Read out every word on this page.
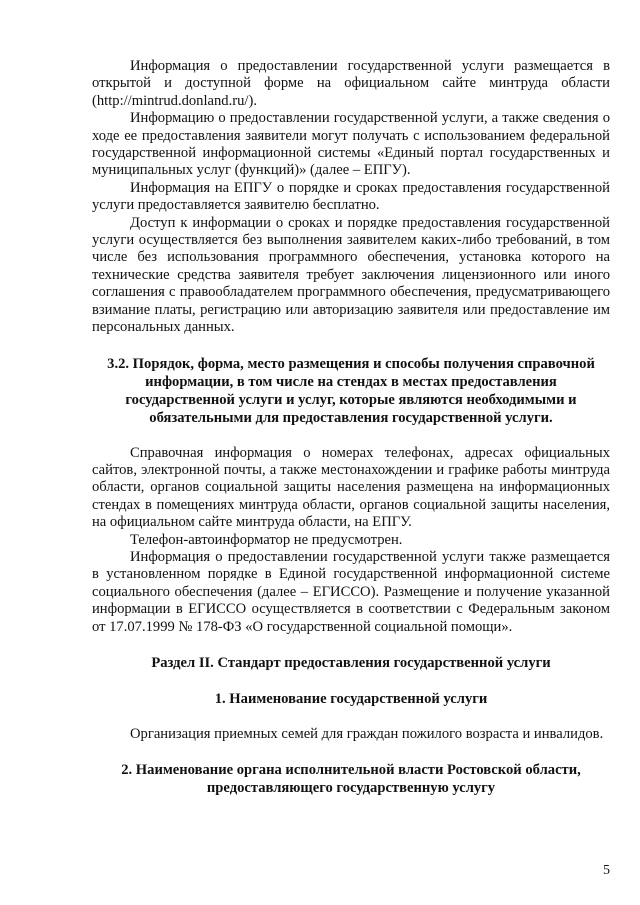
Информация о предоставлении государственной услуги размещается в открытой и доступной форме на официальном сайте минтруда области (http://mintrud.donland.ru/).

Информацию о предоставлении государственной услуги, а также сведения о ходе ее предоставления заявители могут получать с использованием федеральной государственной информационной системы «Единый портал государственных и муниципальных услуг (функций)» (далее – ЕПГУ).

Информация на ЕПГУ о порядке и сроках предоставления государственной услуги предоставляется заявителю бесплатно.

Доступ к информации о сроках и порядке предоставления государственной услуги осуществляется без выполнения заявителем каких-либо требований, в том числе без использования программного обеспечения, установка которого на технические средства заявителя требует заключения лицензионного или иного соглашения с правообладателем программного обеспечения, предусматривающего взимание платы, регистрацию или авторизацию заявителя или предоставление им персональных данных.

3.2. Порядок, форма, место размещения и способы получения справочной информации, в том числе на стендах в местах предоставления государственной услуги и услуг, которые являются необходимыми и обязательными для предоставления государственной услуги.

Справочная информация о номерах телефонах, адресах официальных сайтов, электронной почты, а также местонахождении и графике работы минтруда области, органов социальной защиты населения размещена на информационных стендах в помещениях минтруда области, органов социальной защиты населения, на официальном сайте минтруда области, на ЕПГУ.

Телефон-автоинформатор не предусмотрен.

Информация о предоставлении государственной услуги также размещается в установленном порядке в Единой государственной информационной системе социального обеспечения (далее – ЕГИССО). Размещение и получение указанной информации в ЕГИССО осуществляется в соответствии с Федеральным законом от 17.07.1999 № 178-ФЗ «О государственной социальной помощи».

Раздел II. Стандарт предоставления государственной услуги

1. Наименование государственной услуги

Организация приемных семей для граждан пожилого возраста и инвалидов.

2. Наименование органа исполнительной власти Ростовской области, предоставляющего государственную услугу

5
